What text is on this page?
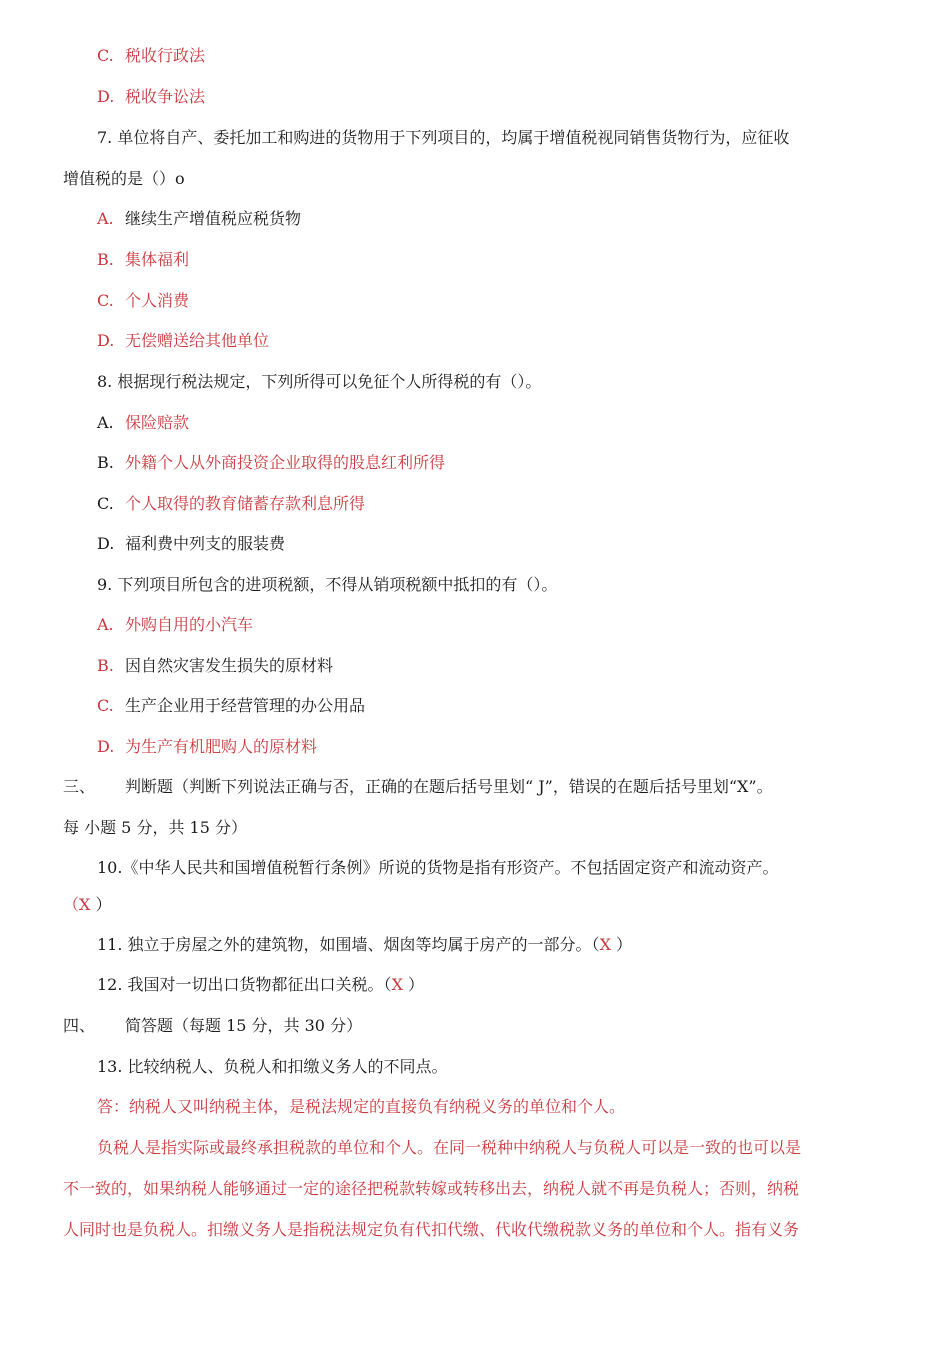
C. 税收行政法
D. 税收争讼法
7. 单位将自产、委托加工和购进的货物用于下列项目的，均属于增值税视同销售货物行为，应征收
增值税的是（）o
A. 继续生产增值税应税货物
B. 集体福利
C. 个人消费
D. 无偿赠送给其他单位
8. 根据现行税法规定，下列所得可以免征个人所得税的有（）。
A. 保险赔款
B. 外籍个人从外商投资企业取得的股息红利所得
C. 个人取得的教育储蓄存款利息所得
D. 福利费中列支的服装费
9. 下列项目所包含的进项税额，不得从销项税额中抵扣的有（）。
A. 外购自用的小汽车
B. 因自然灾害发生损失的原材料
C. 生产企业用于经营管理的办公用品
D. 为生产有机肥购人的原材料
三、 判断题（判断下列说法正确与否，正确的在题后括号里划“ J”，错误的在题后括号里划“X”。
每 小题 5 分，共 15 分）
10.《中华人民共和国增值税暂行条例》所说的货物是指有形资产。不包括固定资产和流动资产。
（X ）
11. 独立于房屋之外的建筑物，如围墙、烟囱等均属于房产的一部分。（X ）
12. 我国对一切出口货物都征出口关税。（X ）
四、 简答题（每题 15 分，共 30 分）
13. 比较纳税人、负税人和扣缴义务人的不同点。
答：纳税人又叫纳税主体，是税法规定的直接负有纳税义务的单位和个人。
负税人是指实际或最终承担税款的单位和个人。在同一税种中纳税人与负税人可以是一致的也可以是
不一致的，如果纳税人能够通过一定的途径把税款转嫁或转移出去，纳税人就不再是负税人；否则，纳税
人同时也是负税人。扣缴义务人是指税法规定负有代扣代缴、代收代缴税款义务的单位和个人。指有义务
